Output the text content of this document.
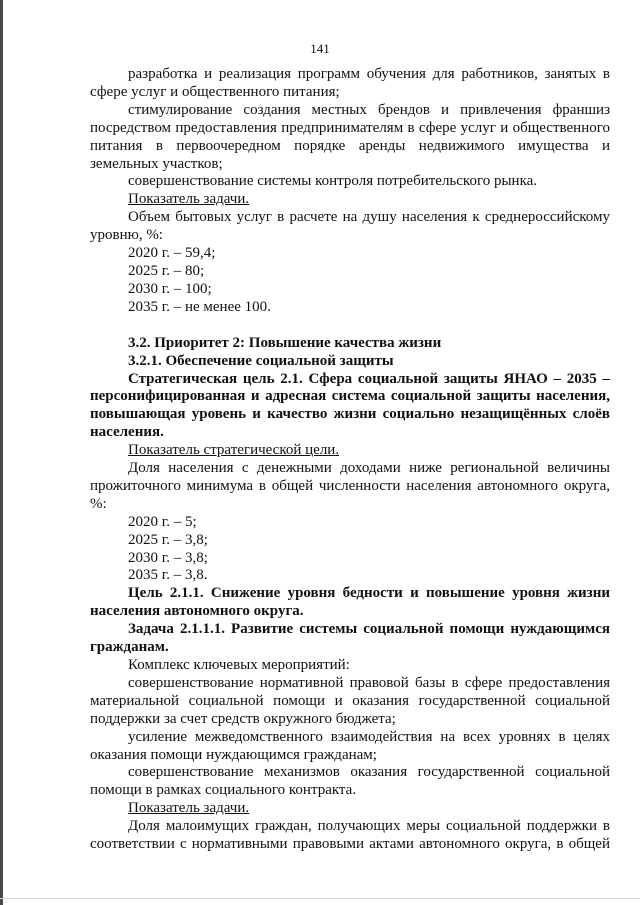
141

разработка и реализация программ обучения для работников, занятых в сфере услуг и общественного питания;

стимулирование создания местных брендов и привлечения франшиз посредством предоставления предпринимателям в сфере услуг и общественного питания в первоочередном порядке аренды недвижимого имущества и земельных участков;

совершенствование системы контроля потребительского рынка.

Показатель задачи.

Объем бытовых услуг в расчете на душу населения к среднероссийскому уровню, %:

2020 г. – 59,4;

2025 г. – 80;

2030 г. – 100;

2035 г. – не менее 100.

3.2. Приоритет 2: Повышение качества жизни

3.2.1. Обеспечение социальной защиты

Стратегическая цель 2.1. Сфера социальной защиты ЯНАО – 2035 – персонифицированная и адресная система социальной защиты населения, повышающая уровень и качество жизни социально незащищённых слоёв населения.

Показатель стратегической цели.

Доля населения с денежными доходами ниже региональной величины прожиточного минимума в общей численности населения автономного округа, %:

2020 г. – 5;

2025 г. – 3,8;

2030 г. – 3,8;

2035 г. – 3,8.

Цель 2.1.1. Снижение уровня бедности и повышение уровня жизни населения автономного округа.

Задача 2.1.1.1. Развитие системы социальной помощи нуждающимся гражданам.

Комплекс ключевых мероприятий:

совершенствование нормативной правовой базы в сфере предоставления материальной социальной помощи и оказания государственной социальной поддержки за счет средств окружного бюджета;

усиление межведомственного взаимодействия на всех уровнях в целях оказания помощи нуждающимся гражданам;

совершенствование механизмов оказания государственной социальной помощи в рамках социального контракта.

Показатель задачи.

Доля малоимущих граждан, получающих меры социальной поддержки в соответствии с нормативными правовыми актами автономного округа, в общей
